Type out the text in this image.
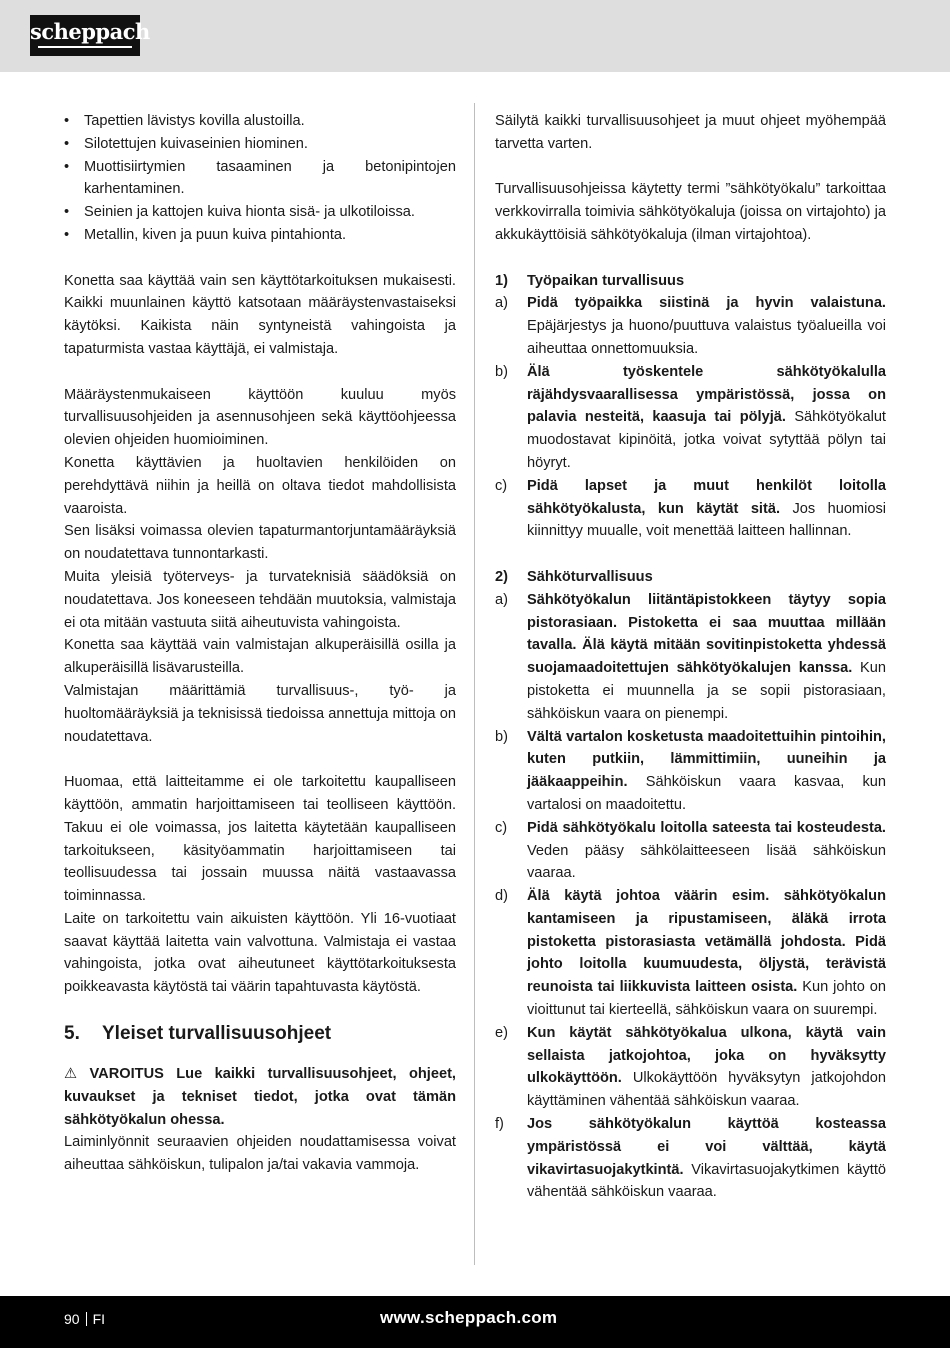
scheppach
• Tapettien lävistys kovilla alustoilla.
• Silotettujen kuivaseinien hiominen.
• Muottisiirtymien tasaaminen ja betonipintojen karhentaminen.
• Seinien ja kattojen kuiva hionta sisä- ja ulkotiloissa.
• Metallin, kiven ja puun kuiva pintahionta.
Konetta saa käyttää vain sen käyttötarkoituksen mukaisesti. Kaikki muunlainen käyttö katsotaan määräystenvastaiseksi käytöksi. Kaikista näin syntyneistä vahingoista ja tapaturmista vastaa käyttäjä, ei valmistaja.
Määräystenmukaiseen käyttöön kuuluu myös turvallisuusohjeiden ja asennusohjeen sekä käyttöohjeessa olevien ohjeiden huomioiminen.
Konetta käyttävien ja huoltavien henkilöiden on perehdyttävä niihin ja heillä on oltava tiedot mahdollisista vaaroista.
Sen lisäksi voimassa olevien tapaturmantorjuntamääräyksiä on noudatettava tunnontarkasti.
Muita yleisiä työterveys- ja turvateknisiä säädöksiä on noudatettava. Jos koneeseen tehdään muutoksia, valmistaja ei ota mitään vastuuta siitä aiheutuvista vahingoista.
Konetta saa käyttää vain valmistajan alkuperäisillä osilla ja alkuperäisillä lisävarusteilla.
Valmistajan määrittämiä turvallisuus-, työ- ja huoltomääräyksiä ja teknisissä tiedoissa annettuja mittoja on noudatettava.
Huomaa, että laitteitamme ei ole tarkoitettu kaupalliseen käyttöön, ammatin harjoittamiseen tai teolliseen käyttöön. Takuu ei ole voimassa, jos laitetta käytetään kaupalliseen tarkoitukseen, käsityöammatin harjoittamiseen tai teollisuudessa tai jossain muussa näitä vastaavassa toiminnassa.
Laite on tarkoitettu vain aikuisten käyttöön. Yli 16-vuotiaat saavat käyttää laitetta vain valvottuna. Valmistaja ei vastaa vahingoista, jotka ovat aiheutuneet käyttötarkoituksesta poikkeavasta käytöstä tai väärin tapahtuvasta käytöstä.
5. Yleiset turvallisuusohjeet
⚠ VAROITUS Lue kaikki turvallisuusohjeet, ohjeet, kuvaukset ja tekniset tiedot, jotka ovat tämän sähkötyökalun ohessa.
Laiminlyönnit seuraavien ohjeiden noudattamisessa voivat aiheuttaa sähköiskun, tulipalon ja/tai vakavia vammoja.
Säilytä kaikki turvallisuusohjeet ja muut ohjeet myöhempää tarvetta varten.
Turvallisuusohjeissa käytetty termi ”sähkötyökalu” tarkoittaa verkkovirralla toimivia sähkötyökaluja (joissa on virtajohto) ja akkukäyttöisiä sähkötyökaluja (ilman virtajohtoa).
1) Työpaikan turvallisuus
a) Pidä työpaikka siistinä ja hyvin valaistuna. Epäjärjestys ja huono/puuttuva valaistus työalueilla voi aiheuttaa onnettomuuksia.
b) Älä työskentele sähkötyökalulla räjähdysvaarallisessa ympäristössä, jossa on palavia nesteitä, kaasuja tai pölyjä. Sähkötyökalut muodostavat kipinöitä, jotka voivat sytyttää pölyn tai höyryt.
c) Pidä lapset ja muut henkilöt loitolla sähkötyökalusta, kun käytät sitä. Jos huomiosi kiinnittyy muualle, voit menettää laitteen hallinnan.
2) Sähköturvallisuus
a) Sähkötyökalun liitäntäpistokkeen täytyy sopia pistorasiaan. Pistoketta ei saa muuttaa millään tavalla. Älä käytä mitään sovitinpistoketta yhdessä suojamaadoitettujen sähkötyökalujen kanssa. Kun pistoketta ei muunnella ja se sopii pistorasiaan, sähköiskun vaara on pienempi.
b) Vältä vartalon kosketusta maadoitettuihin pintoihin, kuten putkiin, lämmittimiin, uuneihin ja jääkaappeihin. Sähköiskun vaara kasvaa, kun vartalosi on maadoitettu.
c) Pidä sähkötyökalu loitolla sateesta tai kosteudesta. Veden pääsy sähkölaitteeseen lisää sähköiskun vaaraa.
d) Älä käytä johtoa väärin esim. sähkötyökalun kantamiseen ja ripustamiseen, äläkä irrota pistoketta pistorasiasta vetämällä johdosta. Pidä johto loitolla kuumuudesta, öljystä, terävistä reunoista tai liikkuvista laitteen osista. Kun johto on vioittunut tai kierteellä, sähköiskun vaara on suurempi.
e) Kun käytät sähkötyökalua ulkona, käytä vain sellaista jatkojohtoa, joka on hyväksytty ulkokäyttöön. Ulkokäyttöön hyväksytyn jatkojohdon käyttäminen vähentää sähköiskun vaaraa.
f) Jos sähkötyökalun käyttöä kosteassa ympäristössä ei voi välttää, käytä vikavirtasuojakytkintä. Vikavirtasuojakytkimen käyttö vähentää sähköiskun vaaraa.
90 FI	www.scheppach.com
